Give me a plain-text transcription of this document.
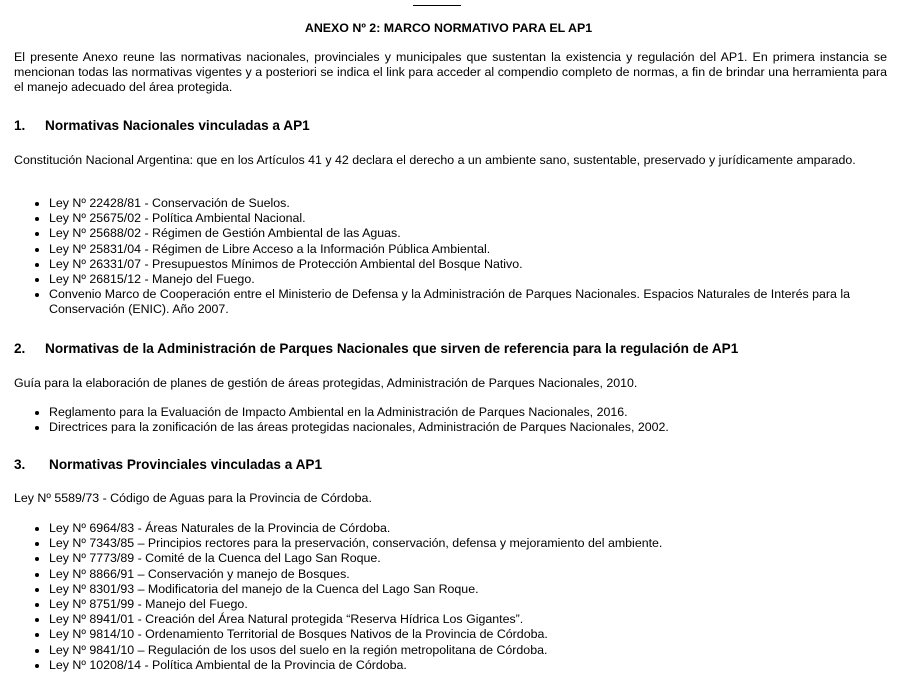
ANEXO Nº 2: MARCO NORMATIVO PARA EL AP1

El presente Anexo reune las normativas nacionales, provinciales y municipales que sustentan la existencia y regulación del AP1. En primera instancia se mencionan todas las normativas vigentes y a posteriori se indica el link para acceder al compendio completo de normas, a fin de brindar una herramienta para el manejo adecuado del área protegida.

1. Normativas Nacionales vinculadas a AP1

Constitución Nacional Argentina: que en los Artículos 41 y 42 declara el derecho a un ambiente sano, sustentable, preservado y jurídicamente amparado.

Ley Nº 22428/81 - Conservación de Suelos.
Ley Nº 25675/02 - Política Ambiental Nacional.
Ley Nº 25688/02 - Régimen de Gestión Ambiental de las Aguas.
Ley Nº 25831/04 - Régimen de Libre Acceso a la Información Pública Ambiental.
Ley Nº 26331/07 - Presupuestos Mínimos de Protección Ambiental del Bosque Nativo.
Ley Nº 26815/12 - Manejo del Fuego.
Convenio Marco de Cooperación entre el Ministerio de Defensa y la Administración de Parques Nacionales. Espacios Naturales de Interés para la Conservación (ENIC). Año 2007.
2. Normativas de la Administración de Parques Nacionales que sirven de referencia para la regulación de AP1

Guía para la elaboración de planes de gestión de áreas protegidas, Administración de Parques Nacionales, 2010.

Reglamento para la Evaluación de Impacto Ambiental en la Administración de Parques Nacionales, 2016.
Directrices para la zonificación de las áreas protegidas nacionales, Administración de Parques Nacionales, 2002.
3. Normativas Provinciales vinculadas a AP1

Ley Nº 5589/73 - Código de Aguas para la Provincia de Córdoba.

Ley Nº 6964/83 - Áreas Naturales de la Provincia de Córdoba.
Ley Nº 7343/85 – Principios rectores para la preservación, conservación, defensa y mejoramiento del ambiente.
Ley Nº 7773/89 - Comité de la Cuenca del Lago San Roque.
Ley Nº 8866/91 – Conservación y manejo de Bosques.
Ley Nº 8301/93 – Modificatoria del manejo de la Cuenca del Lago San Roque.
Ley Nº 8751/99 - Manejo del Fuego.
Ley Nº 8941/01 - Creación del Área Natural protegida “Reserva Hídrica Los Gigantes”.
Ley Nº 9814/10 - Ordenamiento Territorial de Bosques Nativos de la Provincia de Córdoba.
Ley Nº 9841/10 – Regulación de los usos del suelo en la región metropolitana de Córdoba.
Ley Nº 10208/14 - Política Ambiental de la Provincia de Córdoba.
